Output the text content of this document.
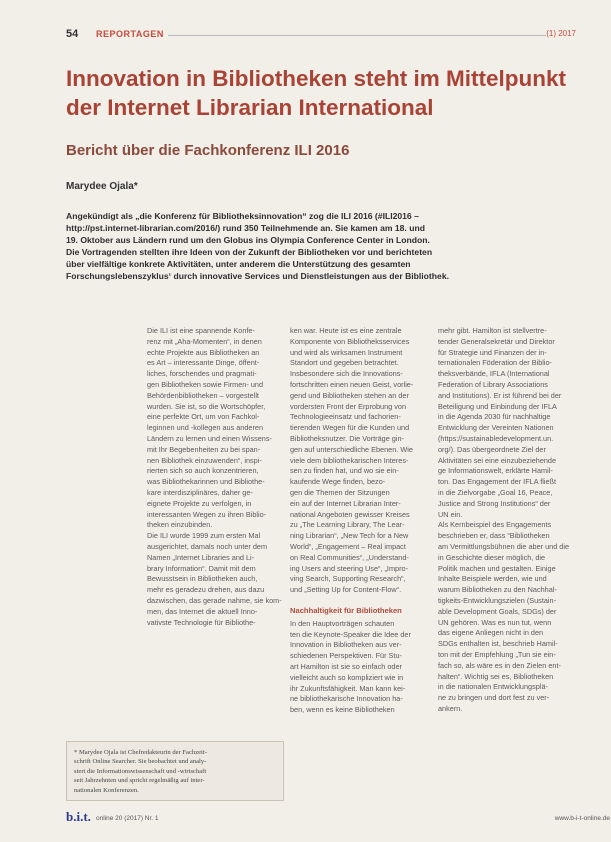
54 REPORTAGEN	(1) 2017
Innovation in Bibliotheken steht im Mittelpunkt
der Internet Librarian International
Bericht über die Fachkonferenz ILI 2016
Marydee Ojala*

Angekündigt als „die Konferenz für Bibliotheksinnovation“ zog die ILI 2016 (#ILI2016 –
http://pst.internet-librarian.com/2016/) rund 350 Teilnehmende an. Sie kamen am 18. und
19. Oktober aus Ländern rund um den Globus ins Olympia Conference Center in London.
Die Vortragenden stellten ihre Ideen von der Zukunft der Bibliotheken vor und berichteten
über vielfältige konkrete Aktivitäten, unter anderem die Unterstützung des gesamten
Forschungslebenszyklus‘ durch innovative Services und Dienstleistungen aus der Bibliothek.

Die ILI ist eine spannende Konfe-
renz mit „Aha-Momenten“, in denen
echte Projekte aus Bibliotheken an
es Art – interessante Dinge, öffent-
liches, forschendes und pragmati-
gen Bibliotheken sowie Firmen- und
Behördenbibliotheken – vorgestellt
wurden. Sie ist, so die Wortschöpfer,
eine perfekte Ort, um von Fachkol-
leginnen und -kollegen aus anderen
Ländern zu lernen und einen Wissens-
mit Ihr Begebenheiten zu bei span-
nen Bibliothek einzuwenden“, inspi-
rierten sich so auch konzentrieren,
was Bibliothekarinnen und Bibliothe-
kare interdisziplinäres, daher ge-
eignete Projekte zu verfolgen, in
interessanten Wegen zu ihren Biblio-
theken einzubinden.
Die ILI wurde 1999 zum ersten Mal
ausgerichtet, damals noch unter dem
Namen „Internet Libraries and Li-
brary Information“. Damit mit dem
Bewusstsein in Bibliotheken auch,
mehr es geradezu drehen, aus dazu
dazwischen, das gerade nahme, sie kom-
men, das Internet die aktuell Inno-
vativste Technologie für Bibliothe-
ken war. Heute ist es eine zentrale
Komponente von Bibliotheksservices
und wird als wirksamen Instrument
Standort und gegeben betrachtet.
Insbesondere sich die Innovations-
fortschritten einen neuen Geist, vorlie-
gend und Bibliotheken stehen an der
vordersten Front der Erprobung von
Technologieeinsatz und fachorien-
tierenden Wegen für die Kunden und
Bibliotheksnutzer. Die Vorträge gin-
gen auf unterschiedliche Ebenen. Wie
viele dem bibliothekarischen Interes-
sen zu finden hat, und wo sie ein-
kaufende Wege finden, bezo-
gen die Themen der Sitzungen
ein auf der Internet Librarian Inter-
national Angeboten gewisser Kreises
zu „The Learning Library, The Lear-
ning Librarian“, „New Tech for a New
World“, „Engagement – Real impact
on Real Communities“, „Understand-
ing Users and steering Use“, „Impro-
ving Search, Supporting Research“,
und „Setting Up for Content-Flow“.
Nachhaltigkeit für Bibliotheken
In den Hauptvorträgen schauten
ten die Keynote-Speaker die Idee der
Innovation in Bibliotheken aus ver-
schiedenen Perspektiven. Für Stu-
art Hamilton ist sie so einfach oder
vielleicht auch so kompliziert wie in
ihr Zukunftsfähigkeit. Man kann kei-
ne bibliothekarische Innovation ha-
ben, wenn es keine Bibliotheken
mehr gibt. Hamilton ist stellvertre-
tender Generalsekretär und Direktor
für Strategie und Finanzen der in-
ternationalen Föderation der Biblio-
theksverbände, IFLA (International
Federation of Library Associations
and Institutions). Er ist führend bei der
Beteiligung und Einbindung der IFLA
in die Agenda 2030 für nachhaltige
Entwicklung der Vereinten Nationen
(https://sustainabledevelopment.un.
org/). Das übergeordnete Ziel der
Aktivitäten sei eine einzubeziehende
ge Informationswelt, erklärte Hamil-
ton. Das Engagement der IFLA fließt
in die Zielvorgabe „Goal 16, Peace,
Justice and Strong Institutions“ der
UN ein.
Als Kernbeispiel des Engagements
beschrieben er, dass “Bibliotheken
am Vermittlungsbühnen die aber und die
in Geschichte dieser möglich, die
Politik machen und gestalten. Einige
Inhalte Beispiele werden, wie und
warum Bibliotheken zu den Nachhal-
tigkeits-Entwicklungszielen (Sustain-
able Development Goals, SDGs) der
UN gehören. Was es nun tut, wenn
das eigene Anliegen nicht in den
SDGs enthalten ist, beschrieb Hamil-
ton mit der Empfehlung „Tun sie ein-
fach so, als wäre es in den Zielen ent-
halten“. Wichtig sei es, Bibliotheken
in die nationalen Entwicklungsplä-
ne zu bringen und dort fest zu ver-
ankern.
* Marydee Ojala ist Chefredakteurin der Fachzeit-
schrift Online Searcher. Sie beobachtet und analy-
siert die Informationswissenschaft und -wirtschaft
seit Jahrzehnten und spricht regelmäßig auf inter-
nationalen Konferenzen.
b.i.t. online 20 (2017) Nr. 1	www.b-i-t-online.de
